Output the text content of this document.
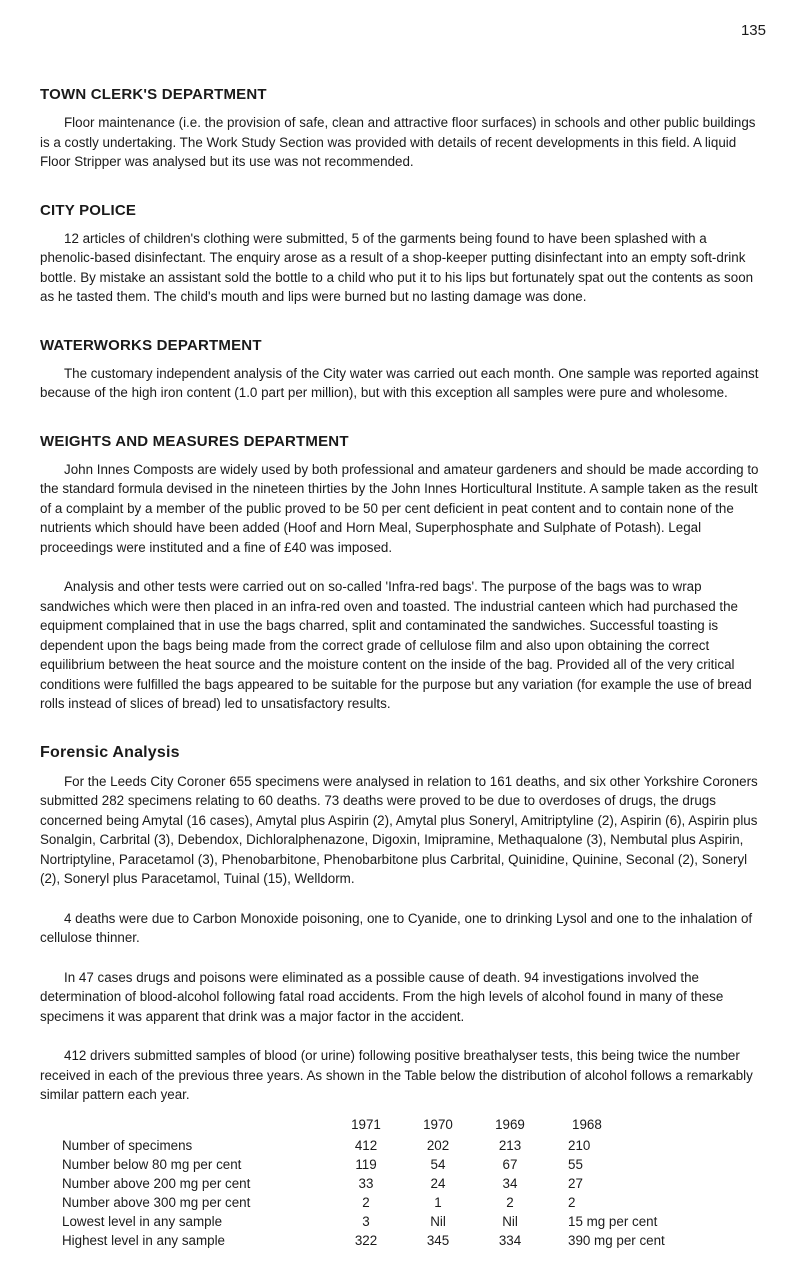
135
TOWN CLERK'S DEPARTMENT

Floor maintenance (i.e. the provision of safe, clean and attractive floor surfaces) in schools and other public buildings is a costly undertaking. The Work Study Section was provided with details of recent developments in this field. A liquid Floor Stripper was analysed but its use was not recommended.

CITY POLICE

12 articles of children's clothing were submitted, 5 of the garments being found to have been splashed with a phenolic-based disinfectant. The enquiry arose as a result of a shop-keeper putting disinfectant into an empty soft-drink bottle. By mistake an assistant sold the bottle to a child who put it to his lips but fortunately spat out the contents as soon as he tasted them. The child's mouth and lips were burned but no lasting damage was done.

WATERWORKS DEPARTMENT

The customary independent analysis of the City water was carried out each month. One sample was reported against because of the high iron content (1.0 part per million), but with this exception all samples were pure and wholesome.

WEIGHTS AND MEASURES DEPARTMENT

John Innes Composts are widely used by both professional and amateur gardeners and should be made according to the standard formula devised in the nineteen thirties by the John Innes Horticultural Institute. A sample taken as the result of a complaint by a member of the public proved to be 50 per cent deficient in peat content and to contain none of the nutrients which should have been added (Hoof and Horn Meal, Superphosphate and Sulphate of Potash). Legal proceedings were instituted and a fine of £40 was imposed.

Analysis and other tests were carried out on so-called 'Infra-red bags'. The purpose of the bags was to wrap sandwiches which were then placed in an infra-red oven and toasted. The industrial canteen which had purchased the equipment complained that in use the bags charred, split and contaminated the sandwiches. Successful toasting is dependent upon the bags being made from the correct grade of cellulose film and also upon obtaining the correct equilibrium between the heat source and the moisture content on the inside of the bag. Provided all of the very critical conditions were fulfilled the bags appeared to be suitable for the purpose but any variation (for example the use of bread rolls instead of slices of bread) led to unsatisfactory results.

Forensic Analysis

For the Leeds City Coroner 655 specimens were analysed in relation to 161 deaths, and six other Yorkshire Coroners submitted 282 specimens relating to 60 deaths. 73 deaths were proved to be due to overdoses of drugs, the drugs concerned being Amytal (16 cases), Amytal plus Aspirin (2), Amytal plus Soneryl, Amitriptyline (2), Aspirin (6), Aspirin plus Sonalgin, Carbrital (3), Debendox, Dichloralphenazone, Digoxin, Imipramine, Methaqualone (3), Nembutal plus Aspirin, Nortriptyline, Paracetamol (3), Phenobarbitone, Phenobarbitone plus Carbrital, Quinidine, Quinine, Seconal (2), Soneryl (2), Soneryl plus Paracetamol, Tuinal (15), Welldorm.

4 deaths were due to Carbon Monoxide poisoning, one to Cyanide, one to drinking Lysol and one to the inhalation of cellulose thinner.

In 47 cases drugs and poisons were eliminated as a possible cause of death. 94 investigations involved the determination of blood-alcohol following fatal road accidents. From the high levels of alcohol found in many of these specimens it was apparent that drink was a major factor in the accident.

412 drivers submitted samples of blood (or urine) following positive breathalyser tests, this being twice the number received in each of the previous three years. As shown in the Table below the distribution of alcohol follows a remarkably similar pattern each year.

	1971	1970	1969	1968
Number of specimens	412	202	213	210
Number below 80 mg per cent	119	54	67	55
Number above 200 mg per cent	33	24	34	27
Number above 300 mg per cent	2	1	2	2
Lowest level in any sample	3	Nil	Nil	15 mg per cent
Highest level in any sample	322	345	334	390 mg per cent
